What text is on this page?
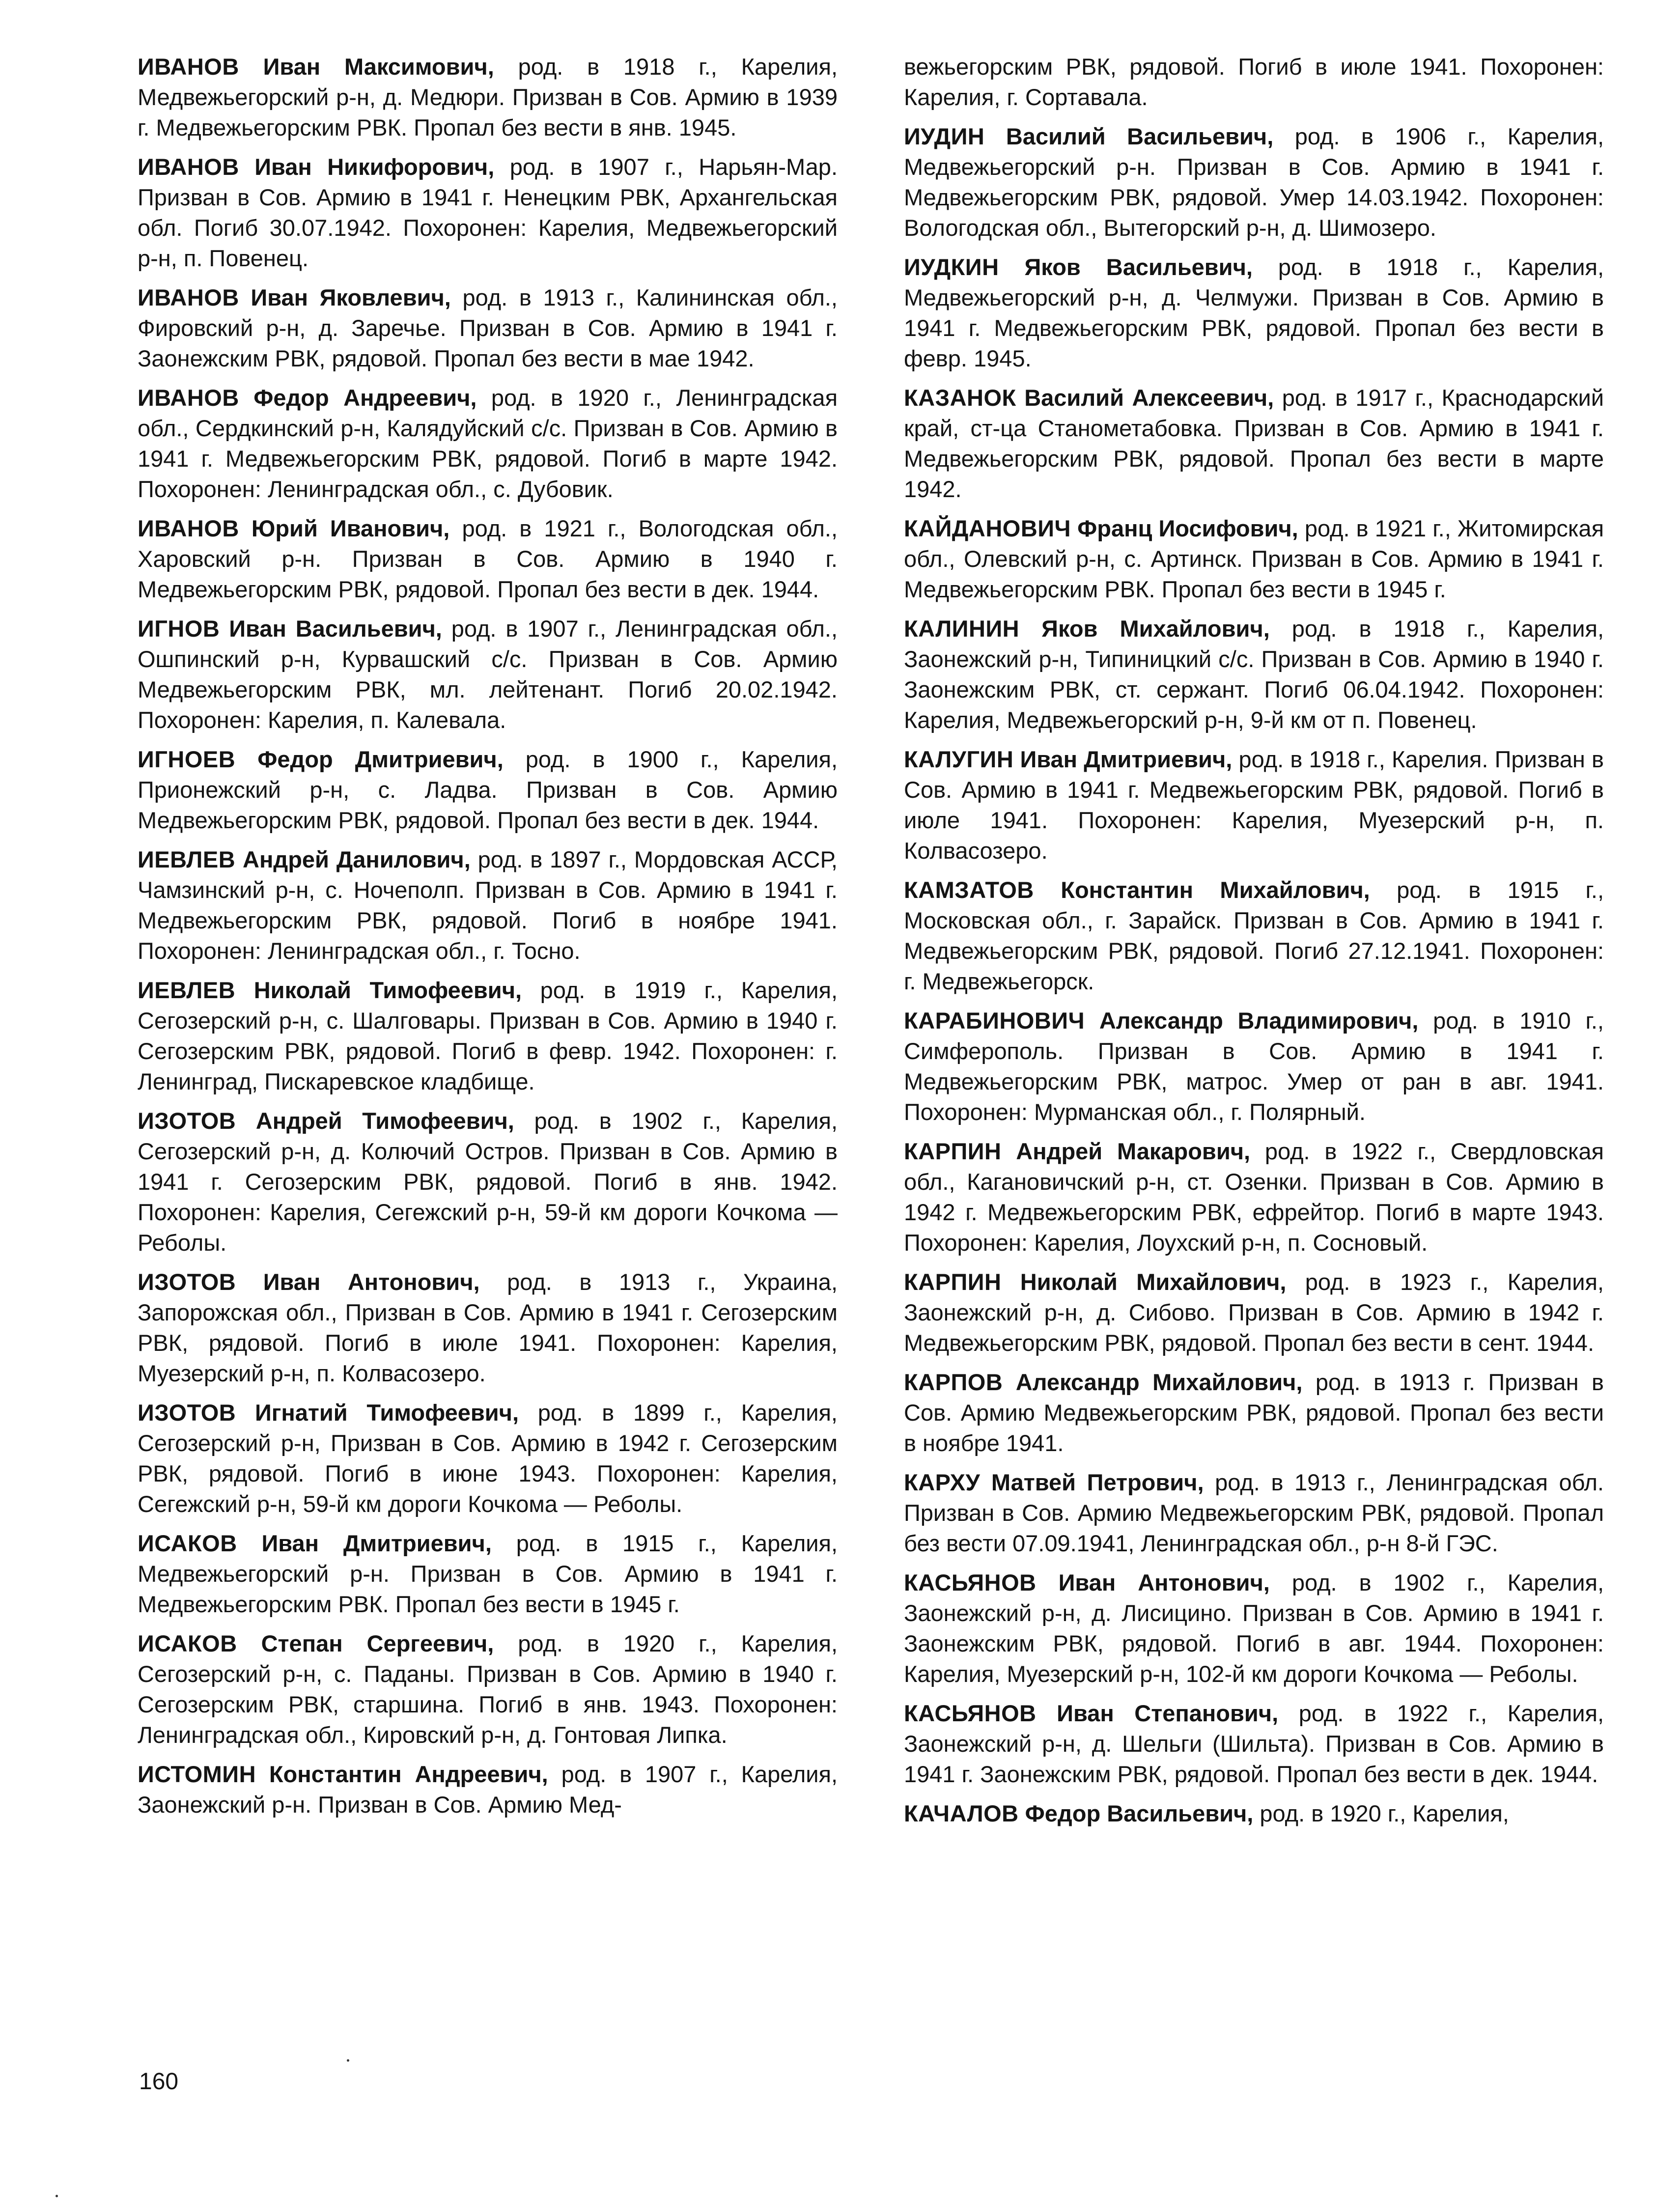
ИВАНОВ Иван Максимович, род. в 1918 г., Карелия, Медвежьегорский р-н, д. Медюри. Призван в Сов. Армию в 1939 г. Медвежьегорским РВК. Пропал без вести в янв. 1945.

ИВАНОВ Иван Никифорович, род. в 1907 г., Нарьян-Мар. Призван в Сов. Армию в 1941 г. Ненецким РВК, Архангельская обл. Погиб 30.07.1942. Похоронен: Карелия, Медвежьегорский р-н, п. Повенец.

ИВАНОВ Иван Яковлевич, род. в 1913 г., Калининская обл., Фировский р-н, д. Заречье. Призван в Сов. Армию в 1941 г. Заонежским РВК, рядовой. Пропал без вести в мае 1942.

ИВАНОВ Федор Андреевич, род. в 1920 г., Ленинградская обл., Сердкинский р-н, Калядуйский с/с. Призван в Сов. Армию в 1941 г. Медвежьегорским РВК, рядовой. Погиб в марте 1942. Похоронен: Ленинградская обл., с. Дубовик.

ИВАНОВ Юрий Иванович, род. в 1921 г., Вологодская обл., Харовский р-н. Призван в Сов. Армию в 1940 г. Медвежьегорским РВК, рядовой. Пропал без вести в дек. 1944.

ИГНОВ Иван Васильевич, род. в 1907 г., Ленинградская обл., Ошпинский р-н, Курвашский с/с. Призван в Сов. Армию Медвежьегорским РВК, мл. лейтенант. Погиб 20.02.1942. Похоронен: Карелия, п. Калевала.

ИГНОЕВ Федор Дмитриевич, род. в 1900 г., Карелия, Прионежский р-н, с. Ладва. Призван в Сов. Армию Медвежьегорским РВК, рядовой. Пропал без вести в дек. 1944.

ИЕВЛЕВ Андрей Данилович, род. в 1897 г., Мордовская АССР, Чамзинский р-н, с. Ночеполп. Призван в Сов. Армию в 1941 г. Медвежьегорским РВК, рядовой. Погиб в ноябре 1941. Похоронен: Ленинградская обл., г. Тосно.

ИЕВЛЕВ Николай Тимофеевич, род. в 1919 г., Карелия, Сегозерский р-н, с. Шалговары. Призван в Сов. Армию в 1940 г. Сегозерским РВК, рядовой. Погиб в февр. 1942. Похоронен: г. Ленинград, Пискаревское кладбище.

ИЗОТОВ Андрей Тимофеевич, род. в 1902 г., Карелия, Сегозерский р-н, д. Колючий Остров. Призван в Сов. Армию в 1941 г. Сегозерским РВК, рядовой. Погиб в янв. 1942. Похоронен: Карелия, Сегежский р-н, 59-й км дороги Кочкома — Реболы.

ИЗОТОВ Иван Антонович, род. в 1913 г., Украина, Запорожская обл., Призван в Сов. Армию в 1941 г. Сегозерским РВК, рядовой. Погиб в июле 1941. Похоронен: Карелия, Муезерский р-н, п. Колвасозеро.

ИЗОТОВ Игнатий Тимофеевич, род. в 1899 г., Карелия, Сегозерский р-н, Призван в Сов. Армию в 1942 г. Сегозерским РВК, рядовой. Погиб в июне 1943. Похоронен: Карелия, Сегежский р-н, 59-й км дороги Кочкома — Реболы.

ИСАКОВ Иван Дмитриевич, род. в 1915 г., Карелия, Медвежьегорский р-н. Призван в Сов. Армию в 1941 г. Медвежьегорским РВК. Пропал без вести в 1945 г.

ИСАКОВ Степан Сергеевич, род. в 1920 г., Карелия, Сегозерский р-н, с. Паданы. Призван в Сов. Армию в 1940 г. Сегозерским РВК, старшина. Погиб в янв. 1943. Похоронен: Ленинградская обл., Кировский р-н, д. Гонтовая Липка.

ИСТОМИН Константин Андреевич, род. в 1907 г., Карелия, Заонежский р-н. Призван в Сов. Армию Мед-

вежьегорским РВК, рядовой. Погиб в июле 1941. Похоронен: Карелия, г. Сортавала.

ИУДИН Василий Васильевич, род. в 1906 г., Карелия, Медвежьегорский р-н. Призван в Сов. Армию в 1941 г. Медвежьегорским РВК, рядовой. Умер 14.03.1942. Похоронен: Вологодская обл., Вытегорский р-н, д. Шимозеро.

ИУДКИН Яков Васильевич, род. в 1918 г., Карелия, Медвежьегорский р-н, д. Челмужи. Призван в Сов. Армию в 1941 г. Медвежьегорским РВК, рядовой. Пропал без вести в февр. 1945.

КАЗАНОК Василий Алексеевич, род. в 1917 г., Краснодарский край, ст-ца Станометабовка. Призван в Сов. Армию в 1941 г. Медвежьегорским РВК, рядовой. Пропал без вести в марте 1942.

КАЙДАНОВИЧ Франц Иосифович, род. в 1921 г., Житомирская обл., Олевский р-н, с. Артинск. Призван в Сов. Армию в 1941 г. Медвежьегорским РВК. Пропал без вести в 1945 г.

КАЛИНИН Яков Михайлович, род. в 1918 г., Карелия, Заонежский р-н, Типиницкий с/с. Призван в Сов. Армию в 1940 г. Заонежским РВК, ст. сержант. Погиб 06.04.1942. Похоронен: Карелия, Медвежьегорский р-н, 9-й км от п. Повенец.

КАЛУГИН Иван Дмитриевич, род. в 1918 г., Карелия. Призван в Сов. Армию в 1941 г. Медвежьегорским РВК, рядовой. Погиб в июле 1941. Похоронен: Карелия, Муезерский р-н, п. Колвасозеро.

КАМЗАТОВ Константин Михайлович, род. в 1915 г., Московская обл., г. Зарайск. Призван в Сов. Армию в 1941 г. Медвежьегорским РВК, рядовой. Погиб 27.12.1941. Похоронен: г. Медвежьегорск.

КАРАБИНОВИЧ Александр Владимирович, род. в 1910 г., Симферополь. Призван в Сов. Армию в 1941 г. Медвежьегорским РВК, матрос. Умер от ран в авг. 1941. Похоронен: Мурманская обл., г. Полярный.

КАРПИН Андрей Макарович, род. в 1922 г., Свердловская обл., Кагановичский р-н, ст. Озенки. Призван в Сов. Армию в 1942 г. Медвежьегорским РВК, ефрейтор. Погиб в марте 1943. Похоронен: Карелия, Лоухский р-н, п. Сосновый.

КАРПИН Николай Михайлович, род. в 1923 г., Карелия, Заонежский р-н, д. Сибово. Призван в Сов. Армию в 1942 г. Медвежьегорским РВК, рядовой. Пропал без вести в сент. 1944.

КАРПОВ Александр Михайлович, род. в 1913 г. Призван в Сов. Армию Медвежьегорским РВК, рядовой. Пропал без вести в ноябре 1941.

КАРХУ Матвей Петрович, род. в 1913 г., Ленинградская обл. Призван в Сов. Армию Медвежьегорским РВК, рядовой. Пропал без вести 07.09.1941, Ленинградская обл., р-н 8-й ГЭС.

КАСЬЯНОВ Иван Антонович, род. в 1902 г., Карелия, Заонежский р-н, д. Лисицино. Призван в Сов. Армию в 1941 г. Заонежским РВК, рядовой. Погиб в авг. 1944. Похоронен: Карелия, Муезерский р-н, 102-й км дороги Кочкома — Реболы.

КАСЬЯНОВ Иван Степанович, род. в 1922 г., Карелия, Заонежский р-н, д. Шельги (Шильта). Призван в Сов. Армию в 1941 г. Заонежским РВК, рядовой. Пропал без вести в дек. 1944.

КАЧАЛОВ Федор Васильевич, род. в 1920 г., Карелия,

160
